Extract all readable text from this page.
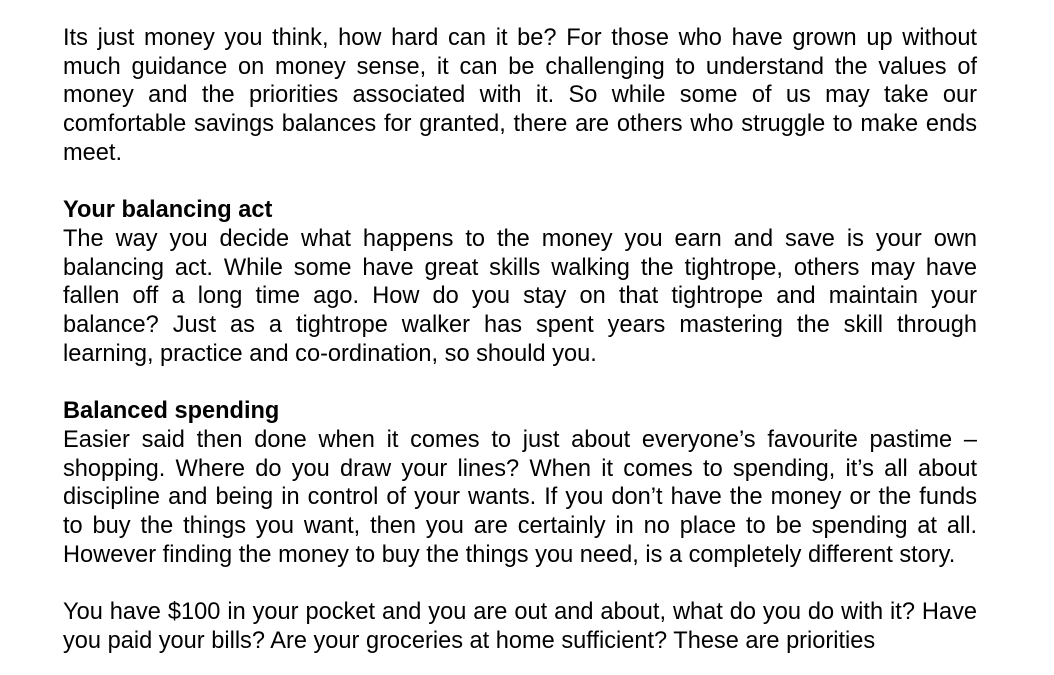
Its just money you think, how hard can it be? For those who have grown up without much guidance on money sense, it can be challenging to understand the values of money and the priorities associated with it. So while some of us may take our comfortable savings balances for granted, there are others who struggle to make ends meet.

Your balancing act

The way you decide what happens to the money you earn and save is your own balancing act. While some have great skills walking the tightrope, others may have fallen off a long time ago. How do you stay on that tightrope and maintain your balance? Just as a tightrope walker has spent years mastering the skill through learning, practice and co-ordination, so should you.

Balanced spending

Easier said then done when it comes to just about everyone’s favourite pastime – shopping. Where do you draw your lines? When it comes to spending, it’s all about discipline and being in control of your wants. If you don’t have the money or the funds to buy the things you want, then you are certainly in no place to be spending at all. However finding the money to buy the things you need, is a completely different story.

You have $100 in your pocket and you are out and about, what do you do with it? Have you paid your bills? Are your groceries at home sufficient? These are priorities
